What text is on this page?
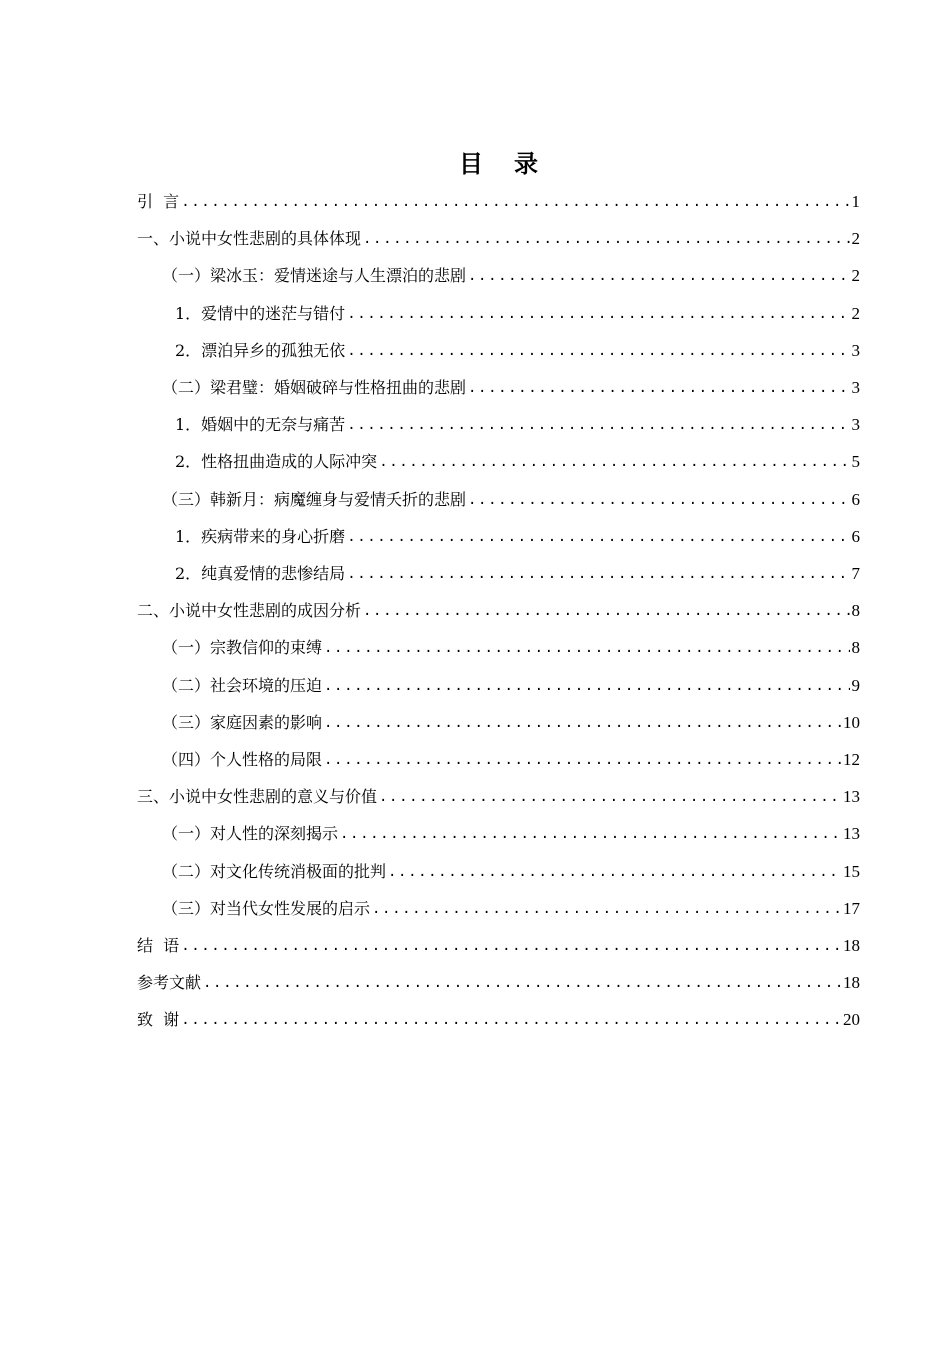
目 录
引  言 .....	1
一、小说中女性悲剧的具体体现 .....	2
（一）梁冰玉：爱情迷途与人生漂泊的悲剧 .....	2
1．爱情中的迷茫与错付 .....	2
2．漂泊异乡的孤独无依 .....	3
（二）梁君璧：婚姻破碎与性格扭曲的悲剧 .....	3
1．婚姻中的无奈与痛苦 .....	3
2．性格扭曲造成的人际冲突 .....	5
（三）韩新月：病魔缠身与爱情夭折的悲剧 .....	6
1．疾病带来的身心折磨 .....	6
2．纯真爱情的悲惨结局 .....	7
二、小说中女性悲剧的成因分析 .....	8
（一）宗教信仰的束缚 .....	8
（二）社会环境的压迫 .....	9
（三）家庭因素的影响 .....	10
（四）个人性格的局限 .....	12
三、小说中女性悲剧的意义与价值 .....	13
（一）对人性的深刻揭示 .....	13
（二）对文化传统消极面的批判 .....	15
（三）对当代女性发展的启示 .....	17
结  语 .....	18
参考文献 .....	18
致  谢 .....	20
